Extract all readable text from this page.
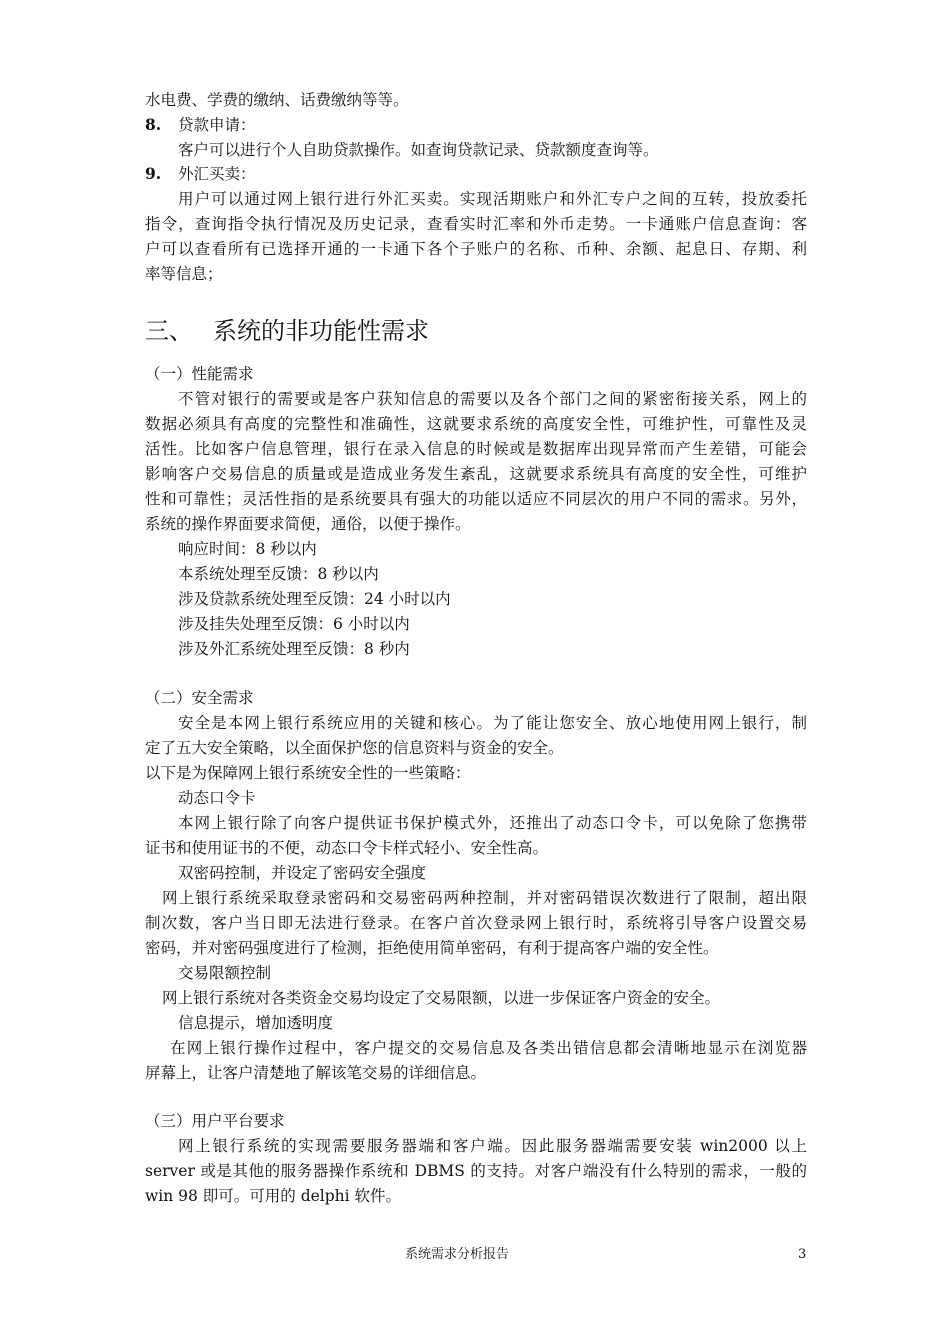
水电费、学费的缴纳、话费缴纳等等。
8. 贷款申请：
客户可以进行个人自助贷款操作。如查询贷款记录、贷款额度查询等。
9. 外汇买卖：
用户可以通过网上银行进行外汇买卖。实现活期账户和外汇专户之间的互转，投放委托
指令，查询指令执行情况及历史记录，查看实时汇率和外币走势。一卡通账户信息查询：客
户可以查看所有已选择开通的一卡通下各个子账户的名称、币种、余额、起息日、存期、利
率等信息；
三、 系统的非功能性需求
（一）性能需求
不管对银行的需要或是客户获知信息的需要以及各个部门之间的紧密衔接关系，网上的
数据必须具有高度的完整性和准确性，这就要求系统的高度安全性，可维护性，可靠性及灵
活性。比如客户信息管理，银行在录入信息的时候或是数据库出现异常而产生差错，可能会
影响客户交易信息的质量或是造成业务发生紊乱，这就要求系统具有高度的安全性，可维护
性和可靠性；灵活性指的是系统要具有强大的功能以适应不同层次的用户不同的需求。另外，
系统的操作界面要求简便，通俗，以便于操作。
响应时间：8 秒以内
本系统处理至反馈：8 秒以内
涉及贷款系统处理至反馈：24 小时以内
涉及挂失处理至反馈：6 小时以内
涉及外汇系统处理至反馈：8 秒内
（二）安全需求
安全是本网上银行系统应用的关键和核心。为了能让您安全、放心地使用网上银行，制
定了五大安全策略，以全面保护您的信息资料与资金的安全。
以下是为保障网上银行系统安全性的一些策略：
动态口令卡
本网上银行除了向客户提供证书保护模式外，还推出了动态口令卡，可以免除了您携带
证书和使用证书的不便，动态口令卡样式轻小、安全性高。
双密码控制，并设定了密码安全强度
网上银行系统采取登录密码和交易密码两种控制，并对密码错误次数进行了限制，超出限
制次数，客户当日即无法进行登录。在客户首次登录网上银行时，系统将引导客户设置交易
密码，并对密码强度进行了检测，拒绝使用简单密码，有利于提高客户端的安全性。
交易限额控制
网上银行系统对各类资金交易均设定了交易限额，以进一步保证客户资金的安全。
信息提示，增加透明度
在网上银行操作过程中，客户提交的交易信息及各类出错信息都会清晰地显示在浏览器
屏幕上，让客户清楚地了解该笔交易的详细信息。
（三）用户平台要求
网上银行系统的实现需要服务器端和客户端。因此服务器端需要安装 win2000 以上
server 或是其他的服务器操作系统和 DBMS 的支持。对客户端没有什么特别的需求，一般的
win 98 即可。可用的 delphi 软件。
系统需求分析报告	3
